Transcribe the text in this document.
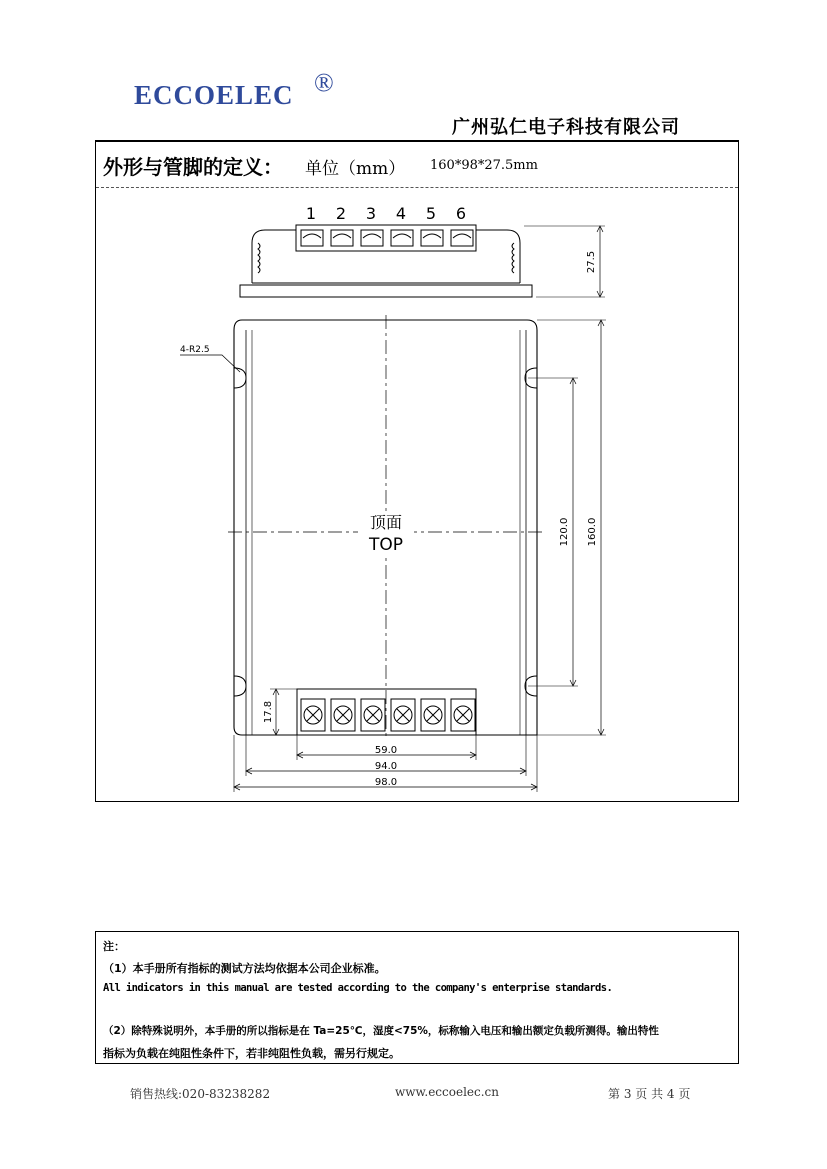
ECCOELEC ®
广州弘仁电子科技有限公司
外形与管脚的定义： 单位（mm） 160*98*27.5mm
1 2 3 4 5 6
27.5
顶面
TOP
4-R2.5
17.8
120.0 160.0
59.0
94.0
98.0
注：
（1）本手册所有指标的测试方法均依据本公司企业标准。
All indicators in this manual are tested according to the company's enterprise standards.
（2）除特殊说明外，本手册的所以指标是在 Ta=25℃，湿度<75%，标称输入电压和输出额定负载所测得。输出特性
指标为负载在纯阻性条件下，若非纯阻性负载，需另行规定。
销售热线:020-83238282	www.eccoelec.cn	第 3 页 共 4 页
